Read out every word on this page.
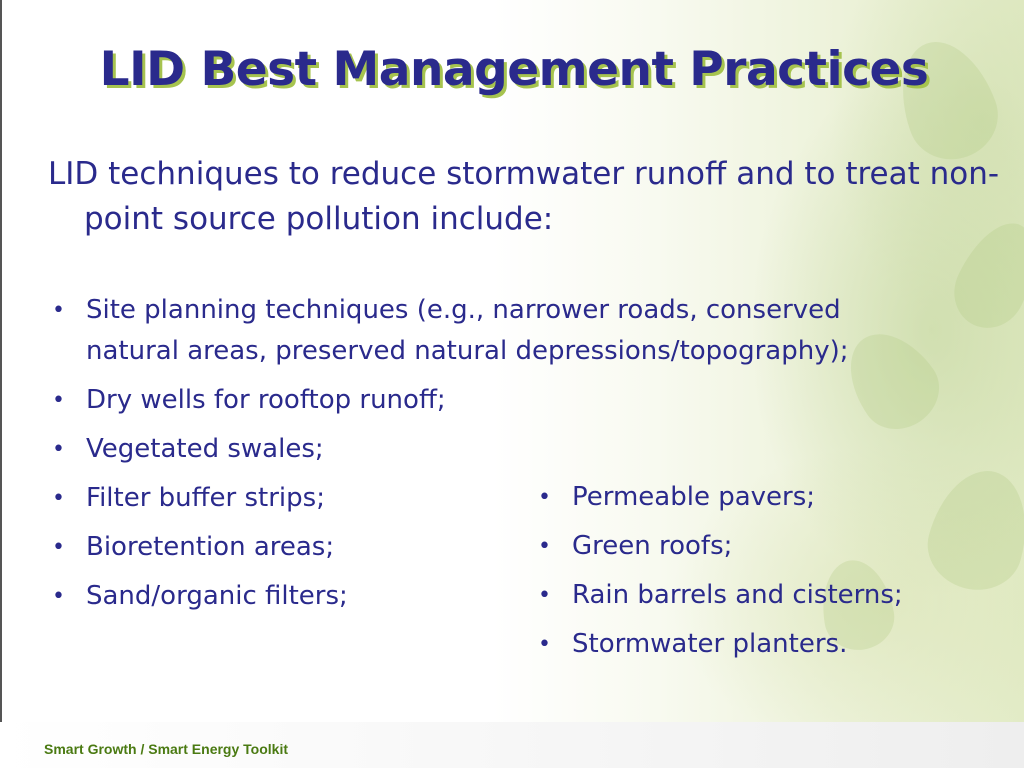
LID Best Management Practices

LID techniques to reduce stormwater runoff and to treat non-point source pollution include:

• Site planning techniques (e.g., narrower roads, conserved natural areas, preserved natural depressions/topography);
• Dry wells for rooftop runoff;
• Vegetated swales;
• Filter buffer strips;
• Bioretention areas;
• Sand/organic filters;
• Permeable pavers;
• Green roofs;
• Rain barrels and cisterns;
• Stormwater planters.
Smart Growth / Smart Energy Toolkit
